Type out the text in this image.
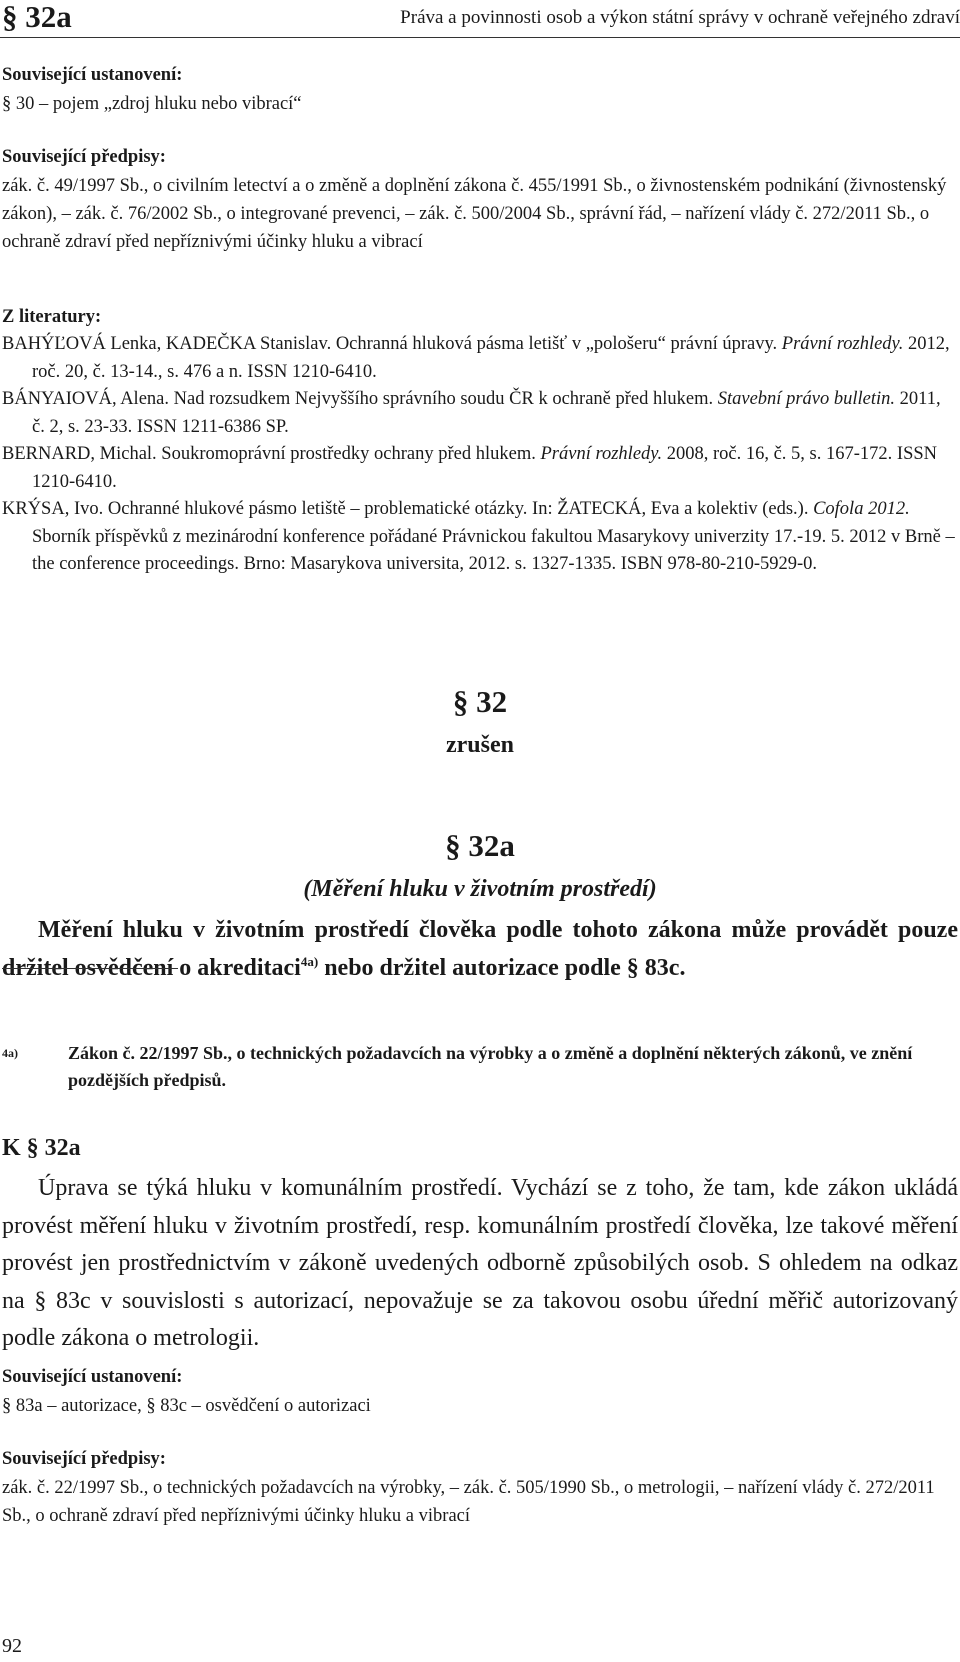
§ 32a	Práva a povinnosti osob a výkon státní správy v ochraně veřejného zdraví
Související ustanovení:
§ 30 – pojem „zdroj hluku nebo vibrací“
Související předpisy:
zák. č. 49/1997 Sb., o civilním letectví a o změně a doplnění zákona č. 455/1991 Sb., o živnostenském podnikání (živnostenský zákon), – zák. č. 76/2002 Sb., o integrované prevenci, – zák. č. 500/2004 Sb., správní řád, – nařízení vlády č. 272/2011 Sb., o ochraně zdraví před nepříznivými účinky hluku a vibrací
Z literatury:
BAHÝĽOVÁ Lenka, KADEČKA Stanislav. Ochranná hluková pásma letišť v „pološeru“ právní úpravy. Právní rozhledy. 2012, roč. 20, č. 13-14., s. 476 a n. ISSN 1210-6410.
BÁNYAIOVÁ, Alena. Nad rozsudkem Nejvyššího správního soudu ČR k ochraně před hlukem. Stavební právo bulletin. 2011, č. 2, s. 23-33. ISSN 1211-6386 SP.
BERNARD, Michal. Soukromoprávní prostředky ochrany před hlukem. Právní rozhledy. 2008, roč. 16, č. 5, s. 167-172. ISSN 1210-6410.
KRÝSA, Ivo. Ochranné hlukové pásmo letiště – problematické otázky. In: ŽATECKÁ, Eva a kolektiv (eds.). Cofola 2012. Sborník příspěvků z mezinárodní konference pořádané Právnickou fakultou Masarykovy univerzity 17.-19. 5. 2012 v Brně – the conference proceedings. Brno: Masarykova universita, 2012. s. 1327-1335. ISBN 978-80-210-5929-0.
§ 32
zrušen
§ 32a
(Měření hluku v životním prostředí)
Měření hluku v životním prostředí člověka podle tohoto zákona může provádět pouze držitel osvědčení o akreditaci$^{4a)}$ nebo držitel autorizace podle § 83c.
4a)	Zákon č. 22/1997 Sb., o technických požadavcích na výrobky a o změně a doplnění některých zákonů, ve znění pozdějších předpisů.
K § 32a
Úprava se týká hluku v komunálním prostředí. Vychází se z toho, že tam, kde zákon ukládá provést měření hluku v životním prostředí, resp. komunálním prostředí člověka, lze takové měření provést jen prostřednictvím v zákoně uvedených odborně způsobilých osob. S ohledem na odkaz na § 83c v souvislosti s autorizací, nepovažuje se za takovou osobu úřední měřič autorizovaný podle zákona o metrologii.
Související ustanovení:
§ 83a – autorizace, § 83c – osvědčení o autorizaci
Související předpisy:
zák. č. 22/1997 Sb., o technických požadavcích na výrobky, – zák. č. 505/1990 Sb., o metrologii, – nařízení vlády č. 272/2011 Sb., o ochraně zdraví před nepříznivými účinky hluku a vibrací
92
